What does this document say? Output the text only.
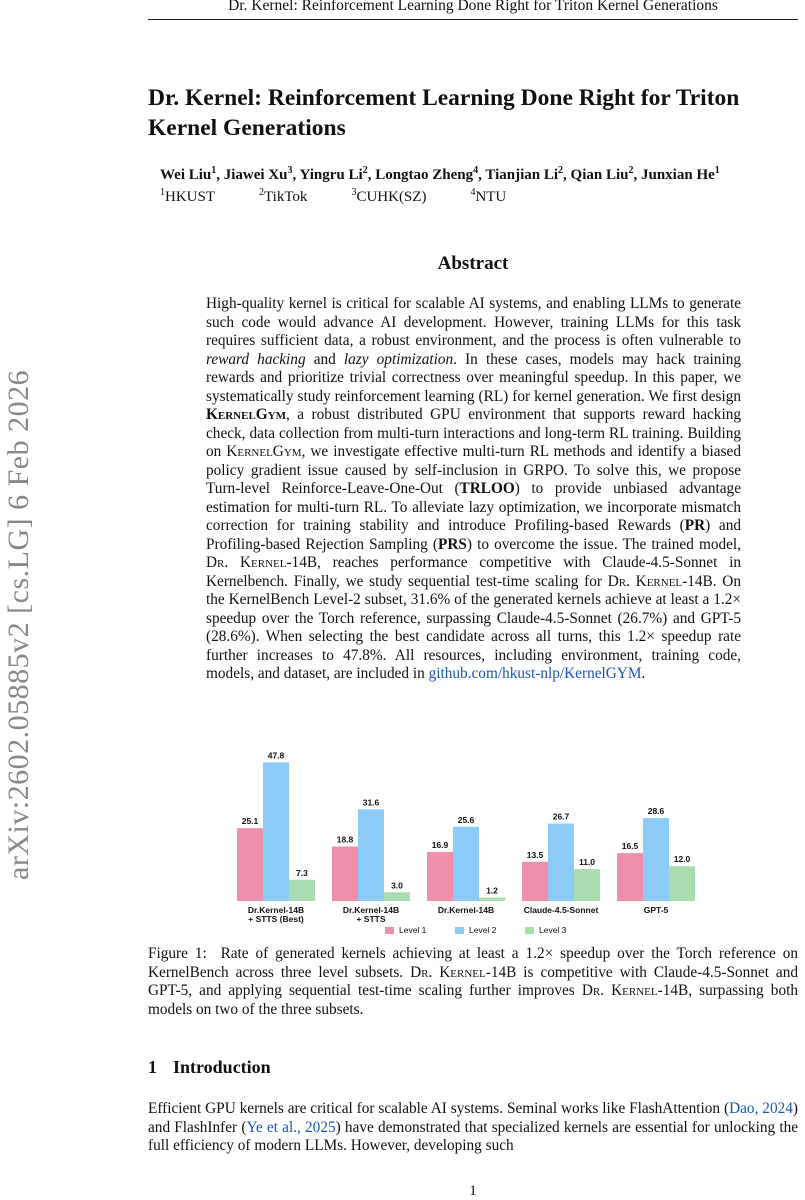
Dr. Kernel: Reinforcement Learning Done Right for Triton Kernel Generations
arXiv:2602.05885v2 [cs.LG] 6 Feb 2026
Dr. Kernel: Reinforcement Learning Done Right for Triton Kernel Generations
Wei Liu$^1$, Jiawei Xu$^3$, Yingru Li$^2$, Longtao Zheng$^4$, Tianjian Li$^2$, Qian Liu$^2$, Junxian He$^1$
$^1$HKUST	$^2$TikTok	$^3$CUHK(SZ)	$^4$NTU
Abstract

High-quality kernel is critical for scalable AI systems, and enabling LLMs to generate such code would advance AI development. However, training LLMs for this task requires sufficient data, a robust environment, and the process is often vulnerable to reward hacking and lazy optimization. In these cases, models may hack training rewards and prioritize trivial correctness over meaningful speedup. In this paper, we systematically study reinforcement learning (RL) for kernel generation. We first design KernelGym, a robust distributed GPU environment that supports reward hacking check, data collection from multi-turn interactions and long-term RL training. Building on KernelGym, we investigate effective multi-turn RL methods and identify a biased policy gradient issue caused by self-inclusion in GRPO. To solve this, we propose Turn-level Reinforce-Leave-One-Out (TRLOO) to provide unbiased advantage estimation for multi-turn RL. To alleviate lazy optimization, we incorporate mismatch correction for training stability and introduce Profiling-based Rewards (PR) and Profiling-based Rejection Sampling (PRS) to overcome the issue. The trained model, Dr. Kernel-14B, reaches performance competitive with Claude-4.5-Sonnet in Kernelbench. Finally, we study sequential test-time scaling for Dr. Kernel-14B. On the KernelBench Level-2 subset, 31.6% of the generated kernels achieve at least a 1.2× speedup over the Torch reference, surpassing Claude-4.5-Sonnet (26.7%) and GPT-5 (28.6%). When selecting the best candidate across all turns, this 1.2× speedup rate further increases to 47.8%. All resources, including environment, training code, models, and dataset, are included in github.com/hkust-nlp/KernelGYM.

25.1
47.8
7.3
Dr.Kernel-14B
+ STTS (Best)
18.8
31.6
3.0
Dr.Kernel-14B
+ STTS
16.9
25.6
1.2
Dr.Kernel-14B
13.5
26.7
11.0
Claude-4.5-Sonnet
16.5
28.6
12.0
GPT-5
Level 1	Level 2	Level 3

Figure 1: Rate of generated kernels achieving at least a 1.2× speedup over the Torch reference on KernelBench across three level subsets. Dr. Kernel-14B is competitive with Claude-4.5-Sonnet and GPT-5, and applying sequential test-time scaling further improves Dr. Kernel-14B, surpassing both models on two of the three subsets.

1 Introduction

Efficient GPU kernels are critical for scalable AI systems. Seminal works like FlashAttention (Dao, 2024) and FlashInfer (Ye et al., 2025) have demonstrated that specialized kernels are essential for unlocking the full efficiency of modern LLMs. However, developing such

1
